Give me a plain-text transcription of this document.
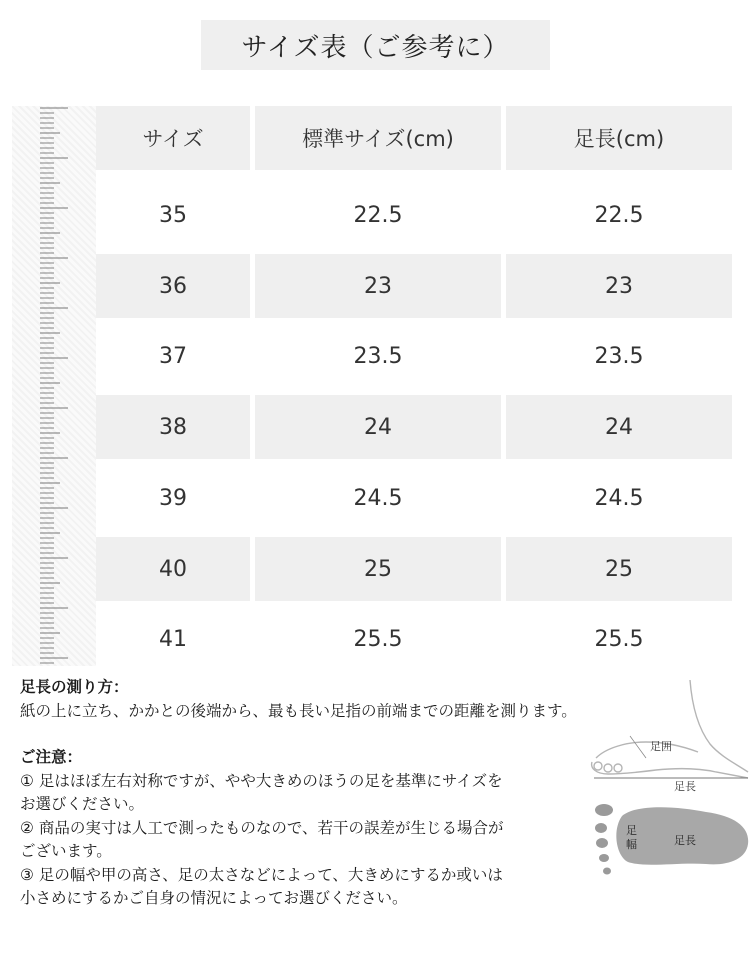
サイズ表（ご参考に）
サイズ	標準サイズ(cm)	足長(cm)
35	22.5	22.5
36	23	23
37	23.5	23.5
38	24	24
39	24.5	24.5
40	25	25
41	25.5	25.5
足長の測り方：
紙の上に立ち、かかとの後端から、最も長い足指の前端までの距離を測ります。
ご注意：
① 足はほぼ左右対称ですが、やや大きめのほうの足を基準にサイズを
お選びください。
② 商品の実寸は人工で測ったものなので、若干の誤差が生じる場合が
ございます。
③ 足の幅や甲の高さ、足の太さなどによって、大きめにするか或いは
小さめにするかご自身の情況によってお選びください。
足囲
足長
足
幅	足長
